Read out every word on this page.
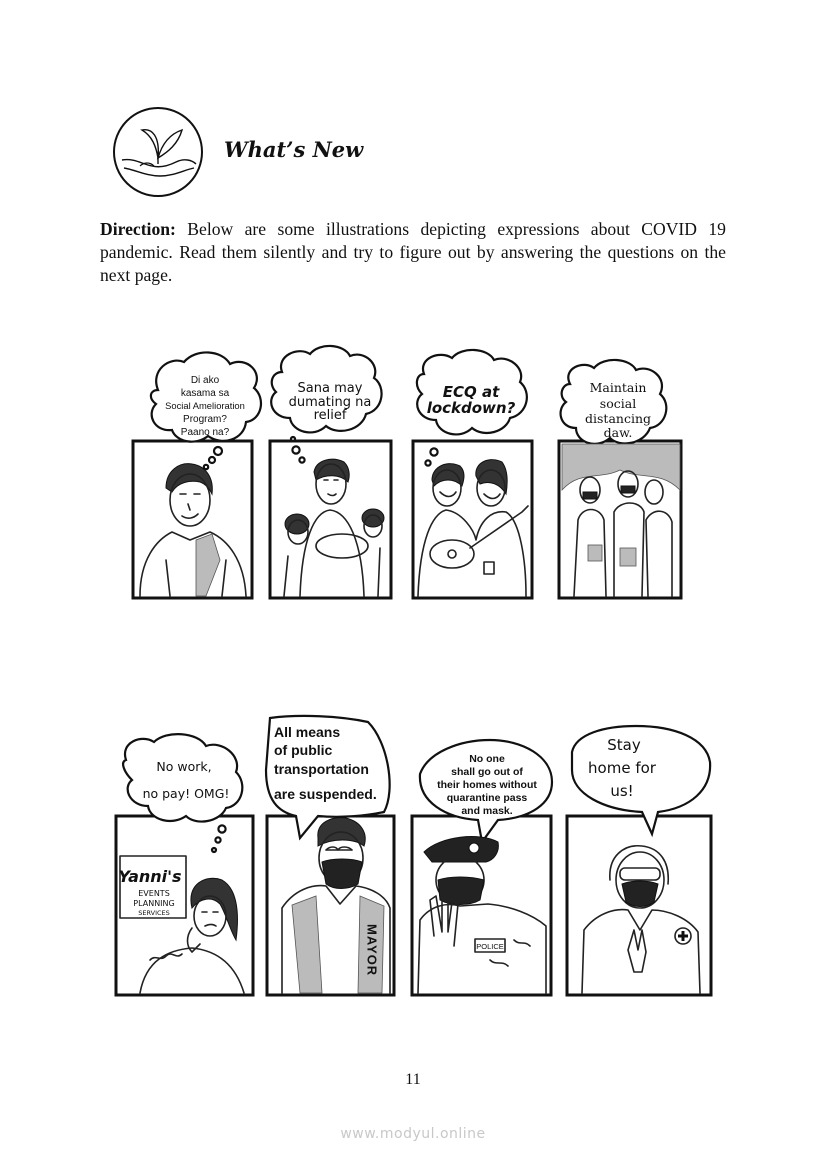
What’s New

Direction: Below are some illustrations depicting expressions about COVID 19 pandemic. Read them silently and try to figure out by answering the questions on the next page.

Di ako
kasama sa
Social Amelioration
Program?
Paano na?
Sana may
dumating na
relief
ECQ at
lockdown?
Maintain
social
distancing
daw.
No work,
no pay! OMG!
Yanni's
EVENTS
PLANNING
SERVICES
All means
of public
transportation
are suspended.
MAYOR
No one
shall go out of
their homes without
quarantine pass
and mask.
POLICE
Stay
home for
us!

11

www.modyul.online
